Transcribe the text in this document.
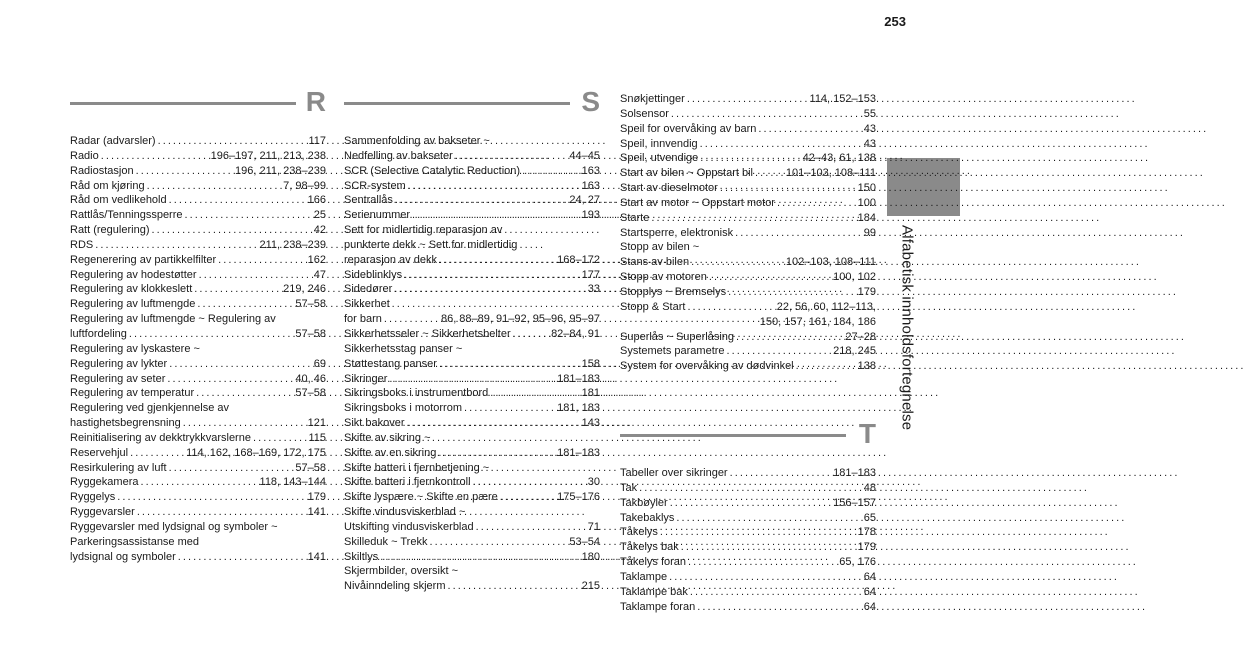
253
Alfabetisk innholdsfortegnelse
R
Radar (advarsler) . . .	117
Radio . . .	196–197, 211, 213, 238
Radiostasjon . . .	196, 211, 238–239
Råd om kjøring . . .	7, 98–99
Råd om vedlikehold . . .	166
Rattlås/Tenningssperre . . .	25
Ratt (regulering) . . .	42
RDS . . .	211, 238–239
Regenerering av partikkelfilter . . .	162
Regulering av hodestøtter . . .	47
Regulering av klokkeslett . . .	219, 246
Regulering av luftmengde . . .	57–58
Regulering av luftmengde ~ Regulering av
luftfordeling . . .	57–58
Regulering av lyskastere ~
Regulering av lykter . . .	69
Regulering av seter . . .	40, 46
Regulering av temperatur . . .	57–58
Regulering ved gjenkjennelse av
hastighetsbegrensning . . .	121
Reinitialisering av dekktrykkvarslerne . . .	115
Reservehjul . . .	114, 162, 168–169, 172, 175
Resirkulering av luft . . .	57–58
Ryggekamera . . .	118, 143–144
Ryggelys . . .	179
Ryggevarsler . . .	141
Ryggevarsler med lydsignal og symboler ~
Parkeringsassistanse med
lydsignal og symboler . . .	141
S
Sammenfolding av bakseter ~
Nedfelling av bakseter . . .	44–45
SCR (Selective Catalytic Reduction) . . .	163
SCR-system . . .	163
Sentrallås . . .	24, 27
Serienummer . . .	193
Sett for midlertidig reparasjon av
punkterte dekk ~ Sett for midlertidig
reparasjon av dekk . . .	168–172
Sideblinklys . . .	177
Sidedører . . .	33
Sikkerhet
for barn . . .	86, 88–89, 91–92, 95–96, 95–97
Sikkerhetsseler ~ Sikkerhetsbelter . . .	82–84, 91
Sikkerhetsstag panser ~
Støttestang panser . . .	158
Sikringer . . .	181–183
Sikringsboks i instrumentbord . . .	181
Sikringsboks i motorrom . . .	181, 183
Sikt bakover . . .	143
Skifte av sikring ~
Skifte av en sikring . . .	181–183
Skifte batteri i fjernbetjening ~
Skifte batteri i fjernkontroll . . .	30
Skifte lyspære ~ Skifte en pære . . .	175–176
Skifte vindusviskerblad ~
Utskifting vindusviskerblad . . .	71
Skilleduk ~ Trekk . . .	53–54
Skiltlys . . .	180
Skjermbilder, oversikt ~
Nivåinndeling skjerm . . .	215
Snøkjettinger . . .	114, 152–153
Solsensor . . .	55
Speil for overvåking av barn . . .	43
Speil, innvendig . . .	43
Speil, utvendige . . .	42–43, 61, 138
Start av bilen ~ Oppstart bil . . .	101–103, 108–111
Start av dieselmotor . . .	150
Start av motor ~ Oppstart motor . . .	100
Starte . . .	184
Startsperre, elektronisk . . .	99
Stopp av bilen ~
Stans av bilen . . .	102–103, 108–111
Stopp av motoren . . .	100, 102
Stopplys ~ Bremselys . . .	179
Stopp & Start . . .	22, 56, 60, 112–113,
150, 157, 161, 184, 186
Superlås ~ Superlåsing . . .	27–28
Systemets parametre . . .	218, 245
System for overvåking av dødvinkel . . .	138
T
Tabeller over sikringer . . .	181–183
Tak . . .	48
Takbøyler . . .	156–157
Takebaklys . . .	65
Tåkelys . . .	178
Tåkelys bak . . .	179
Tåkelys foran . . .	65, 176
Taklampe . . .	64
Taklampe bak . . .	64
Taklampe foran . . .	64
